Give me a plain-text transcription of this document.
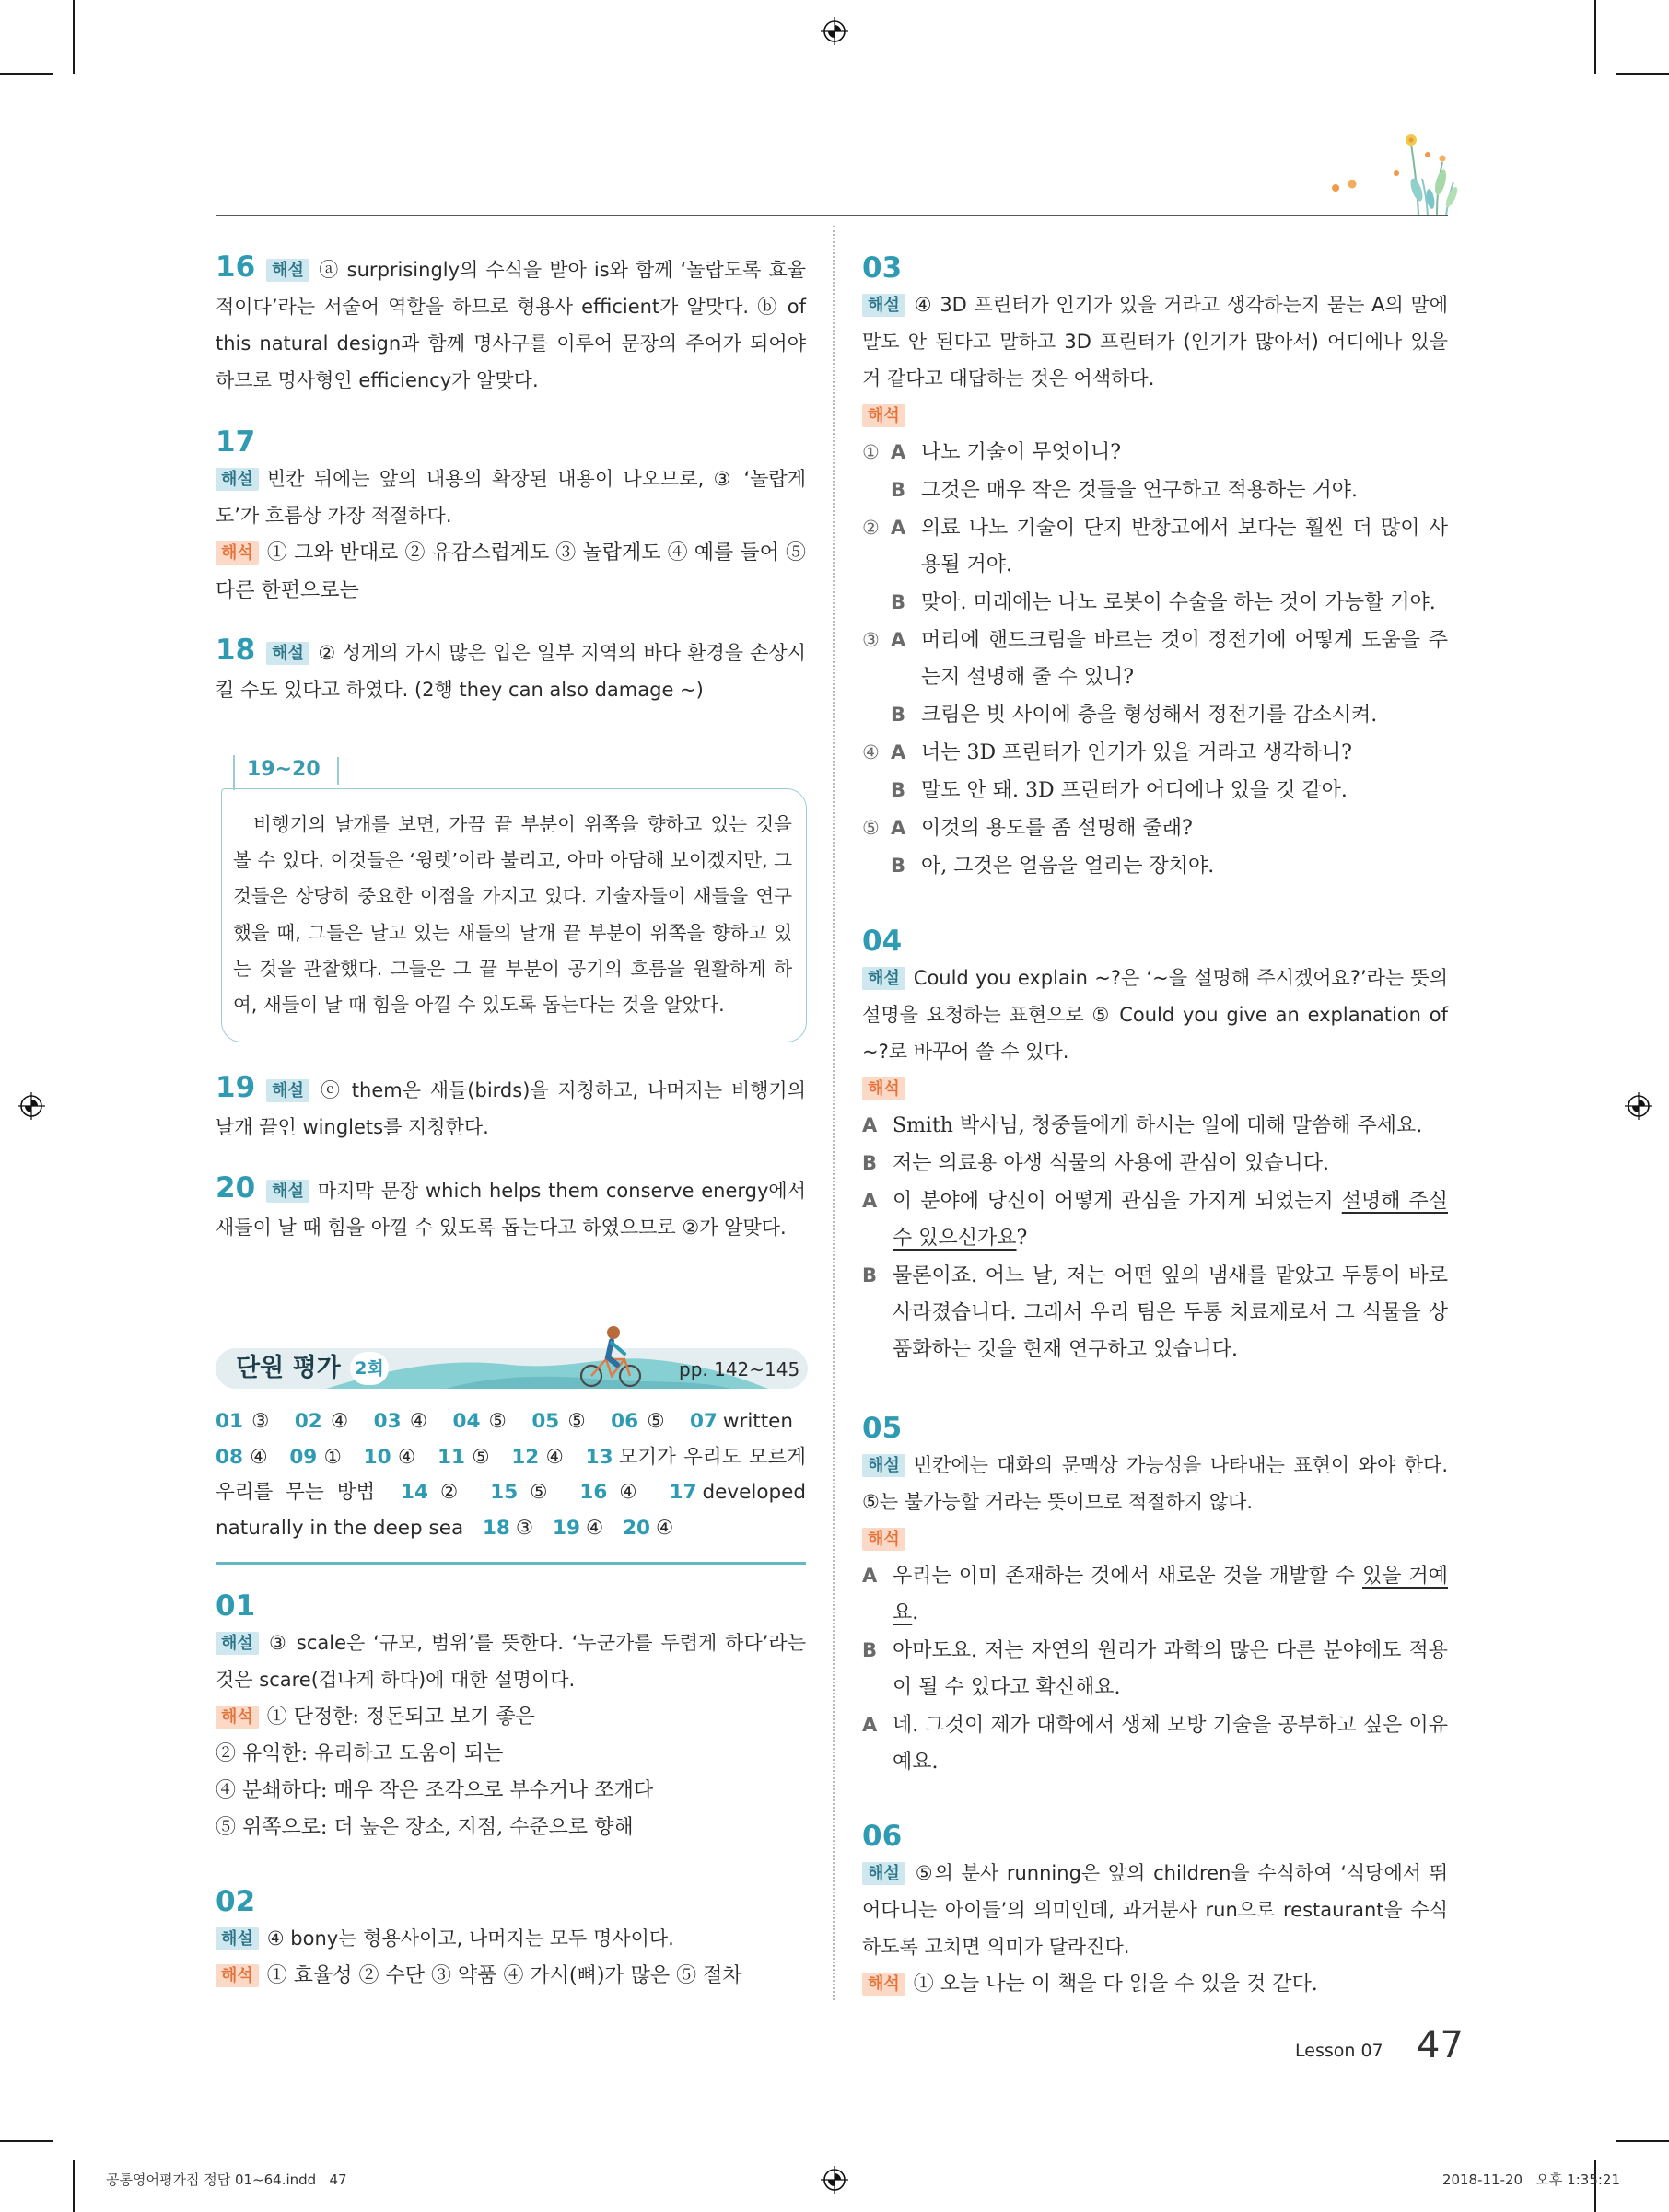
16 해설 ⓐ surprisingly의 수식을 받아 is와 함께 ‘놀랍도록 효율적이다’라는 서술어 역할을 하므로 형용사 efficient가 알맞다. ⓑ of this natural design과 함께 명사구를 이루어 문장의 주어가 되어야 하므로 명사형인 efficiency가 알맞다.
17
해설 빈칸 뒤에는 앞의 내용의 확장된 내용이 나오므로, ③ ‘놀랍게도’가 흐름상 가장 적절하다.
해석 ① 그와 반대로 ② 유감스럽게도 ③ 놀랍게도 ④ 예를 들어 ⑤ 다른 한편으로는
18 해설 ② 성게의 가시 많은 입은 일부 지역의 바다 환경을 손상시킬 수도 있다고 하였다. (2행 they can also damage ~)
19~20
비행기의 날개를 보면, 가끔 끝 부분이 위쪽을 향하고 있는 것을 볼 수 있다. 이것들은 ‘윙렛’이라 불리고, 아마 아담해 보이겠지만, 그것들은 상당히 중요한 이점을 가지고 있다. 기술자들이 새들을 연구했을 때, 그들은 날고 있는 새들의 날개 끝 부분이 위쪽을 향하고 있는 것을 관찰했다. 그들은 그 끝 부분이 공기의 흐름을 원활하게 하여, 새들이 날 때 힘을 아낄 수 있도록 돕는다는 것을 알았다.
19 해설 ⓔ them은 새들(birds)을 지칭하고, 나머지는 비행기의 날개 끝인 winglets를 지칭한다.
20 해설 마지막 문장 which helps them conserve energy에서 새들이 날 때 힘을 아낄 수 있도록 돕는다고 하였으므로 ②가 알맞다.
단원 평가 2회	pp. 142~145
01 ③ 02 ④ 03 ④ 04 ⑤ 05 ⑤ 06 ⑤ 07 written 08 ④ 09 ① 10 ④ 11 ⑤ 12 ④ 13 모기가 우리도 모르게 우리를 무는 방법 14 ② 15 ⑤ 16 ④ 17 developed naturally in the deep sea 18 ③ 19 ④ 20 ④
01
해설 ③ scale은 ‘규모, 범위’를 뜻한다. ‘누군가를 두렵게 하다’라는 것은 scare(겁나게 하다)에 대한 설명이다.
해석 ① 단정한: 정돈되고 보기 좋은
② 유익한: 유리하고 도움이 되는
④ 분쇄하다: 매우 작은 조각으로 부수거나 쪼개다
⑤ 위쪽으로: 더 높은 장소, 지점, 수준으로 향해
02
해설 ④ bony는 형용사이고, 나머지는 모두 명사이다.
해석 ① 효율성 ② 수단 ③ 약품 ④ 가시(뼈)가 많은 ⑤ 절차
03
해설 ④ 3D 프린터가 인기가 있을 거라고 생각하는지 묻는 A의 말에 말도 안 된다고 말하고 3D 프린터가 (인기가 많아서) 어디에나 있을 거 같다고 대답하는 것은 어색하다.
해석
① A 나노 기술이 무엇이니?
B 그것은 매우 작은 것들을 연구하고 적용하는 거야.
② A 의료 나노 기술이 단지 반창고에서 보다는 훨씬 더 많이 사용될 거야.
B 맞아. 미래에는 나노 로봇이 수술을 하는 것이 가능할 거야.
③ A 머리에 핸드크림을 바르는 것이 정전기에 어떻게 도움을 주는지 설명해 줄 수 있니?
B 크림은 빗 사이에 층을 형성해서 정전기를 감소시켜.
④ A 너는 3D 프린터가 인기가 있을 거라고 생각하니?
B 말도 안 돼. 3D 프린터가 어디에나 있을 것 같아.
⑤ A 이것의 용도를 좀 설명해 줄래?
B 아, 그것은 얼음을 얼리는 장치야.
04
해설 Could you explain ~?은 ‘~을 설명해 주시겠어요?’라는 뜻의 설명을 요청하는 표현으로 ⑤ Could you give an explanation of ~?로 바꾸어 쓸 수 있다.
해석
A Smith 박사님, 청중들에게 하시는 일에 대해 말씀해 주세요.
B 저는 의료용 야생 식물의 사용에 관심이 있습니다.
A 이 분야에 당신이 어떻게 관심을 가지게 되었는지 설명해 주실 수 있으신가요?
B 물론이죠. 어느 날, 저는 어떤 잎의 냄새를 맡았고 두통이 바로 사라졌습니다. 그래서 우리 팀은 두통 치료제로서 그 식물을 상품화하는 것을 현재 연구하고 있습니다.
05
해설 빈칸에는 대화의 문맥상 가능성을 나타내는 표현이 와야 한다. ⑤는 불가능할 거라는 뜻이므로 적절하지 않다.
해석
A 우리는 이미 존재하는 것에서 새로운 것을 개발할 수 있을 거예요.
B 아마도요. 저는 자연의 원리가 과학의 많은 다른 분야에도 적용이 될 수 있다고 확신해요.
A 네. 그것이 제가 대학에서 생체 모방 기술을 공부하고 싶은 이유예요.
06
해설 ⑤의 분사 running은 앞의 children을 수식하여 ‘식당에서 뛰어다니는 아이들’의 의미인데, 과거분사 run으로 restaurant을 수식하도록 고치면 의미가 달라진다.
해석 ① 오늘 나는 이 책을 다 읽을 수 있을 것 같다.
Lesson 07 47
공통영어평가집 정답 01~64.indd 47	2018-11-20 오후 1:35:21
